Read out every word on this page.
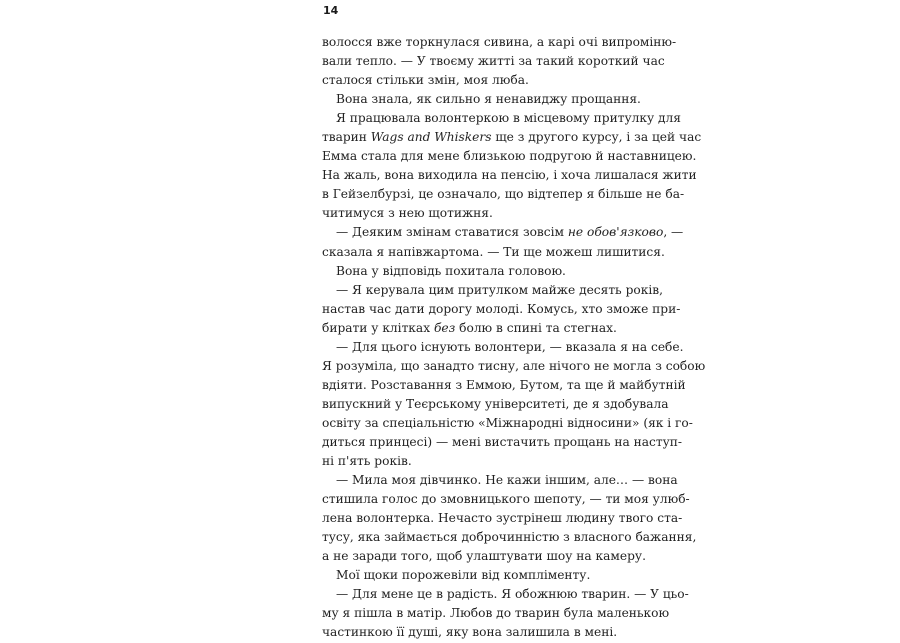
14
волосся вже торкнулася сивина, а карі очі випроміню-
вали тепло. — У твоєму житті за такий короткий час
сталося стільки змін, моя люба.
Вона знала, як сильно я ненавиджу прощання.
Я працювала волонтеркою в місцевому притулку для
тварин Wags and Whiskers ще з другого курсу, і за цей час
Емма стала для мене близькою подругою й наставницею.
На жаль, вона виходила на пенсію, і хоча лишалася жити
в Гейзелбурзі, це означало, що відтепер я більше не ба-
читимуся з нею щотижня.
— Деяким змінам ставатися зовсім не обов'язково, —
сказала я напівжартома. — Ти ще можеш лишитися.
Вона у відповідь похитала головою.
— Я керувала цим притулком майже десять років,
настав час дати дорогу молоді. Комусь, хто зможе при-
бирати у клітках без болю в спині та стегнах.
— Для цього існують волонтери, — вказала я на себе.
Я розуміла, що занадто тисну, але нічого не могла з собою
вдіяти. Розставання з Еммою, Бутом, та ще й майбутній
випускний у Теєрському університеті, де я здобувала
освіту за спеціальністю «Міжнародні відносини» (як і го-
диться принцесі) — мені вистачить прощань на наступ-
ні п'ять років.
— Мила моя дівчинко. Не кажи іншим, але… — вона
стишила голос до змовницького шепоту, — ти моя улюб-
лена волонтерка. Нечасто зустрінеш людину твого ста-
тусу, яка займається доброчинністю з власного бажання,
а не заради того, щоб улаштувати шоу на камеру.
Мої щоки порожевіли від компліменту.
— Для мене це в радість. Я обожнюю тварин. — У цьо-
му я пішла в матір. Любов до тварин була маленькою
частинкою її душі, яку вона залишила в мені.
